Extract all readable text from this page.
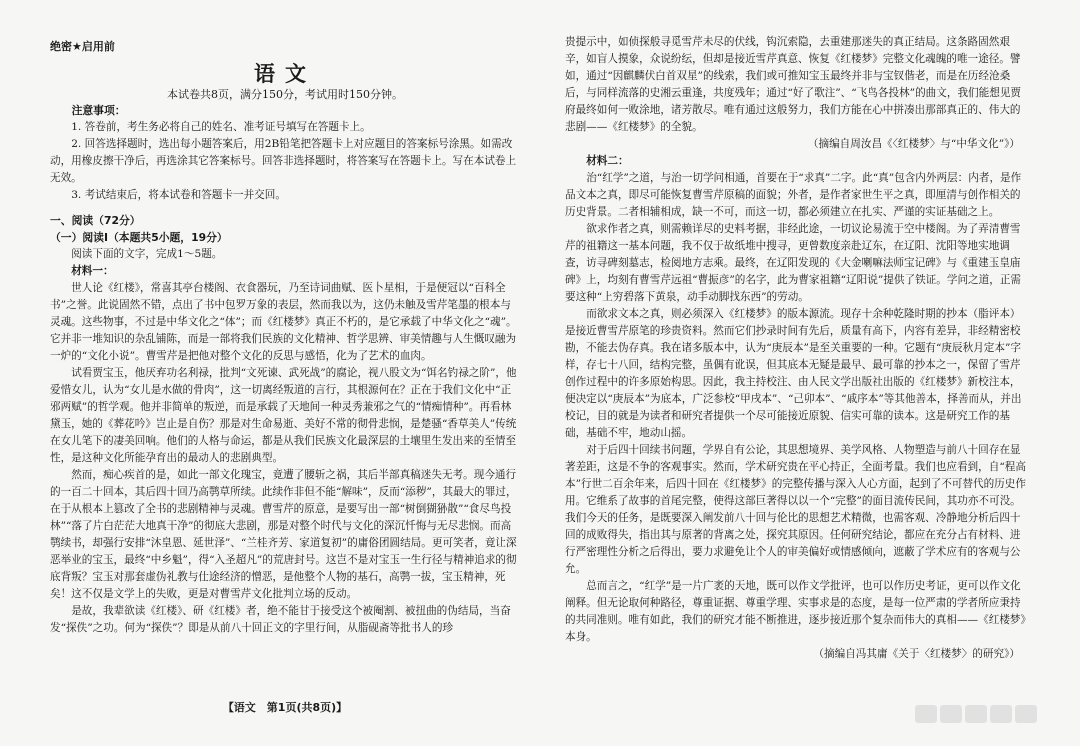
绝密★启用前
语文
本试卷共8页，满分150分，考试用时150分钟。

注意事项：

1. 答卷前，考生务必将自己的姓名、准考证号填写在答题卡上。

2. 回答选择题时，选出每小题答案后，用2B铅笔把答题卡上对应题目的答案标号涂黑。如需改动，用橡皮擦干净后，再选涂其它答案标号。回答非选择题时，将答案写在答题卡上。写在本试卷上无效。

3. 考试结束后，将本试卷和答题卡一并交回。

一、阅读（72分）

（一）阅读Ⅰ（本题共5小题，19分）

阅读下面的文字，完成1～5题。

材料一：

世人论《红楼》，常喜其亭台楼阁、衣食器玩，乃至诗词曲赋、医卜星相，于是便冠以“百科全书”之誉。此说固然不错，点出了书中包罗万象的表层，然而我以为，这仍未触及雪芹笔墨的根本与灵魂。这些物事，不过是中华文化之“体”；而《红楼梦》真正不朽的，是它承载了中华文化之“魂”。它并非一堆知识的杂乱铺陈，而是一部将我们民族的文化精神、哲学思辨、审美情趣与人生慨叹融为一炉的“文化小说”。曹雪芹是把他对整个文化的反思与感悟，化为了艺术的血肉。

试看贾宝玉，他厌弃功名利禄，批判“文死谏、武死战”的腐论，视八股文为“饵名钓禄之阶”，他爱惜女儿，认为“女儿是水做的骨肉”，这一切离经叛道的言行，其根源何在？正在于我们文化中“正邪两赋”的哲学观。他并非简单的叛逆，而是承载了天地间一种灵秀兼邪之气的“情痴情种”。再看林黛玉，她的《葬花吟》岂止是自伤？那是对生命易逝、美好不常的彻骨悲悯，是楚骚“香草美人”传统在女儿笔下的凄美回响。他们的人格与命运，都是从我们民族文化最深层的土壤里生发出来的至情至性，是这种文化所能孕育出的最动人的悲剧典型。

然而，痴心疾首的是，如此一部文化瑰宝，竟遭了腰斩之祸，其后半部真稿迷失无考。现今通行的一百二十回本，其后四十回乃高鹗草所续。此续作非但不能“解味”，反而“添秽”，其最大的罪过，在于从根本上篡改了全书的悲剧精神与灵魂。曹雪芹的原意，是要写出一部“树倒猢狲散”“食尽鸟投林”“落了片白茫茫大地真干净”的彻底大悲剧，那是对整个时代与文化的深沉忏悔与无尽悲悯。而高鹗续书，却强行安排“沐皇恩、延世泽”、“兰桂齐芳、家道复初”的庸俗团圆结局。更可笑者，竟让深恶举业的宝玉，最终“中乡魁”，得“入圣超凡”的荒唐封号。这岂不是对宝玉一生行径与精神追求的彻底背叛？宝玉对那套虚伪礼教与仕途经济的憎恶，是他整个人物的基石，高鹗一拔，宝玉精神，死矣！这不仅是文学上的失败，更是对曹雪芹文化批判立场的反动。

是故，我辈欲读《红楼》、研《红楼》者，绝不能甘于接受这个被阉割、被扭曲的伪结局，当奋发“探佚”之功。何为“探佚”？即是从前八十回正文的字里行间，从脂砚斋等批书人的珍

【语文　第1页(共8页)】

贵提示中，如侦探般寻觅雪芹未尽的伏线，钩沉索隐，去重建那迷失的真正结局。这条路固然艰辛，如盲人摸象，众说纷纭，但却是接近雪芹真意、恢复《红楼梦》完整文化魂魄的唯一途径。譬如，通过“因麒麟伏白首双星”的线索，我们或可推知宝玉最终并非与宝钗偕老，而是在历经沧桑后，与同样流落的史湘云重逢，共度残年；通过“好了歌注”、“飞鸟各投林”的曲文，我们能想见贾府最终如何一败涂地，诸芳散尽。唯有通过这般努力，我们方能在心中拼凑出那部真正的、伟大的悲剧——《红楼梦》的全貌。

（摘编自周汝昌《〈红楼梦〉与“中华文化”》）

材料二：

治“红学”之道，与治一切学问相通，首要在于“求真”二字。此“真”包含内外两层：内者，是作品文本之真，即尽可能恢复曹雪芹原稿的面貌；外者，是作者家世生平之真，即厘清与创作相关的历史背景。二者相辅相成，缺一不可，而这一切，都必须建立在扎实、严谨的实证基础之上。

欲求作者之真，则需赖详尽的史料考据，非经此途，一切议论易流于空中楼阁。为了弄清曹雪芹的祖籍这一基本问题，我不仅于故纸堆中搜寻，更曾数度亲赴辽东，在辽阳、沈阳等地实地调查，访寻碑刻墓志，检阅地方志乘。最终，在辽阳发现的《大金喇嘛法师宝记碑》与《重建玉皇庙碑》上，均刻有曹雪芹远祖“曹振彦”的名字，此为曹家祖籍“辽阳说”提供了铁证。学问之道，正需要这种“上穷碧落下黄泉，动手动脚找东西”的劳动。

而欲求文本之真，则必须深入《红楼梦》的版本源流。现存十余种乾隆时期的抄本（脂评本）是接近曹雪芹原笔的珍贵资料。然而它们抄录时间有先后，质量有高下，内容有差异，非经精密校勘，不能去伪存真。我在诸多版本中，认为“庚辰本”是至关重要的一种。它题有“庚辰秋月定本”字样，存七十八回，结构完整，虽偶有讹误，但其底本无疑是最早、最可靠的抄本之一，保留了雪芹创作过程中的许多原始构思。因此，我主持校注、由人民文学出版社出版的《红楼梦》新校注本，便决定以“庚辰本”为底本，广泛参校“甲戌本”、“己卯本”、“戚序本”等其他善本，择善而从，并出校记，目的就是为读者和研究者提供一个尽可能接近原貌、信实可靠的读本。这是研究工作的基础，基础不牢，地动山摇。

对于后四十回续书问题，学界自有公论，其思想境界、美学风格、人物塑造与前八十回存在显著差距，这是不争的客观事实。然而，学术研究贵在平心持正，全面考量。我们也应看到，自“程高本”行世二百余年来，后四十回在《红楼梦》的完整传播与深入人心方面，起到了不可替代的历史作用。它维系了故事的首尾完整，使得这部巨著得以以一个“完整”的面目流传民间，其功亦不可没。我们今天的任务，是既要深入阐发前八十回与伦比的思想艺术精微，也需客观、冷静地分析后四十回的成败得失，指出其与原著的背离之处，探究其原因。任何研究结论，都应在充分占有材料、进行严密理性分析之后得出，要力求避免让个人的审美偏好或情感倾向，遮蔽了学术应有的客观与公允。

总而言之，“红学”是一片广袤的天地，既可以作文学批评，也可以作历史考证，更可以作文化阐释。但无论取何种路径，尊重证据、尊重学理、实事求是的态度，是每一位严肃的学者所应秉持的共同准则。唯有如此，我们的研究才能不断推进，逐步接近那个复杂而伟大的真相——《红楼梦》本身。

（摘编自冯其庸《关于〈红楼梦〉的研究》）
